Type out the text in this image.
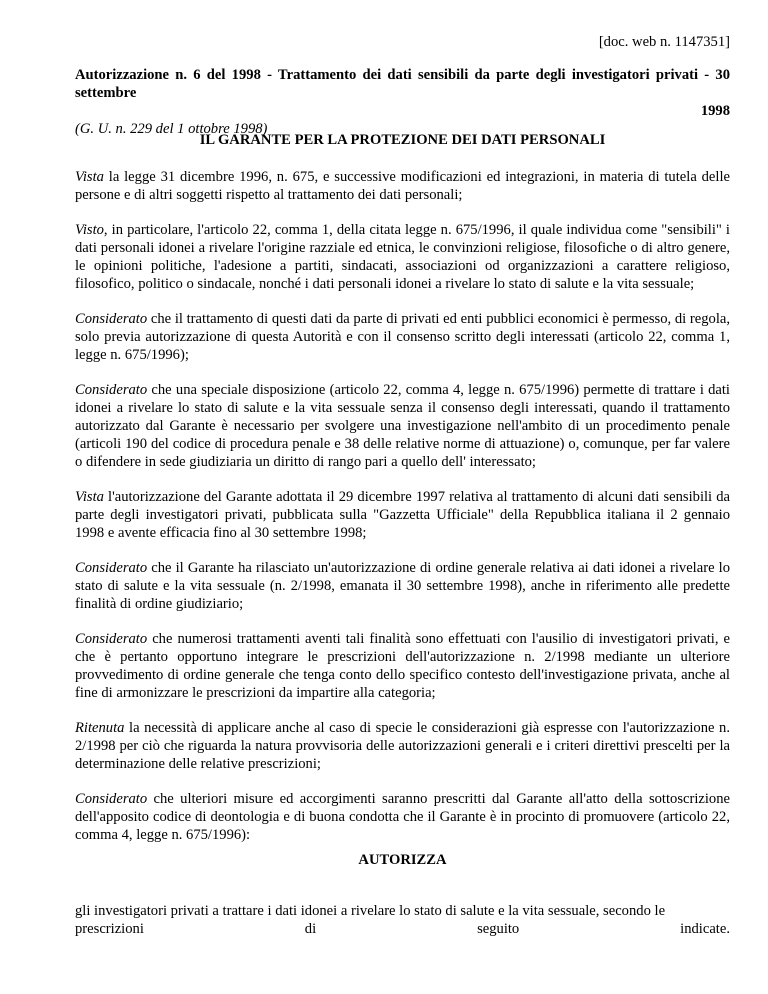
[doc. web n. 1147351]

Autorizzazione n. 6 del 1998 - Trattamento dei dati sensibili da parte degli investigatori privati - 30 settembre

1998

(G. U. n. 229 del 1 ottobre 1998)

IL GARANTE PER LA PROTEZIONE DEI DATI PERSONALI

Vista la legge 31 dicembre 1996, n. 675, e successive modificazioni ed integrazioni, in materia di tutela delle persone e di altri soggetti rispetto al trattamento dei dati personali;

Visto, in particolare, l'articolo 22, comma 1, della citata legge n. 675/1996, il quale individua come "sensibili" i dati personali idonei a rivelare l'origine razziale ed etnica, le convinzioni religiose, filosofiche o di altro genere, le opinioni politiche, l'adesione a partiti, sindacati, associazioni od organizzazioni a carattere religioso, filosofico, politico o sindacale, nonché i dati personali idonei a rivelare lo stato di salute e la vita sessuale;

Considerato che il trattamento di questi dati da parte di privati ed enti pubblici economici è permesso, di regola, solo previa autorizzazione di questa Autorità e con il consenso scritto degli interessati (articolo 22, comma 1, legge n. 675/1996);

Considerato che una speciale disposizione (articolo 22, comma 4, legge n. 675/1996) permette di trattare i dati idonei a rivelare lo stato di salute e la vita sessuale senza il consenso degli interessati, quando il trattamento autorizzato dal Garante è necessario per svolgere una investigazione nell'ambito di un procedimento penale (articoli 190 del codice di procedura penale e 38 delle relative norme di attuazione) o, comunque, per far valere o difendere in sede giudiziaria un diritto di rango pari a quello dell' interessato;

Vista l'autorizzazione del Garante adottata il 29 dicembre 1997 relativa al trattamento di alcuni dati sensibili da parte degli investigatori privati, pubblicata sulla "Gazzetta Ufficiale" della Repubblica italiana il 2 gennaio 1998 e avente efficacia fino al 30 settembre 1998;

Considerato che il Garante ha rilasciato un'autorizzazione di ordine generale relativa ai dati idonei a rivelare lo stato di salute e la vita sessuale (n. 2/1998, emanata il 30 settembre 1998), anche in riferimento alle predette finalità di ordine giudiziario;

Considerato che numerosi trattamenti aventi tali finalità sono effettuati con l'ausilio di investigatori privati, e che è pertanto opportuno integrare le prescrizioni dell'autorizzazione n. 2/1998 mediante un ulteriore provvedimento di ordine generale che tenga conto dello specifico contesto dell'investigazione privata, anche al fine di armonizzare le prescrizioni da impartire alla categoria;

Ritenuta la necessità di applicare anche al caso di specie le considerazioni già espresse con l'autorizzazione n. 2/1998 per ciò che riguarda la natura provvisoria delle autorizzazioni generali e i criteri direttivi prescelti per la determinazione delle relative prescrizioni;

Considerato che ulteriori misure ed accorgimenti saranno prescritti dal Garante all'atto della sottoscrizione dell'apposito codice di deontologia e di buona condotta che il Garante è in procinto di promuovere (articolo 22, comma 4, legge n. 675/1996):

AUTORIZZA

gli investigatori privati a trattare i dati idonei a rivelare lo stato di salute e la vita sessuale, secondo le

prescrizioni	di	seguito	indicate.
